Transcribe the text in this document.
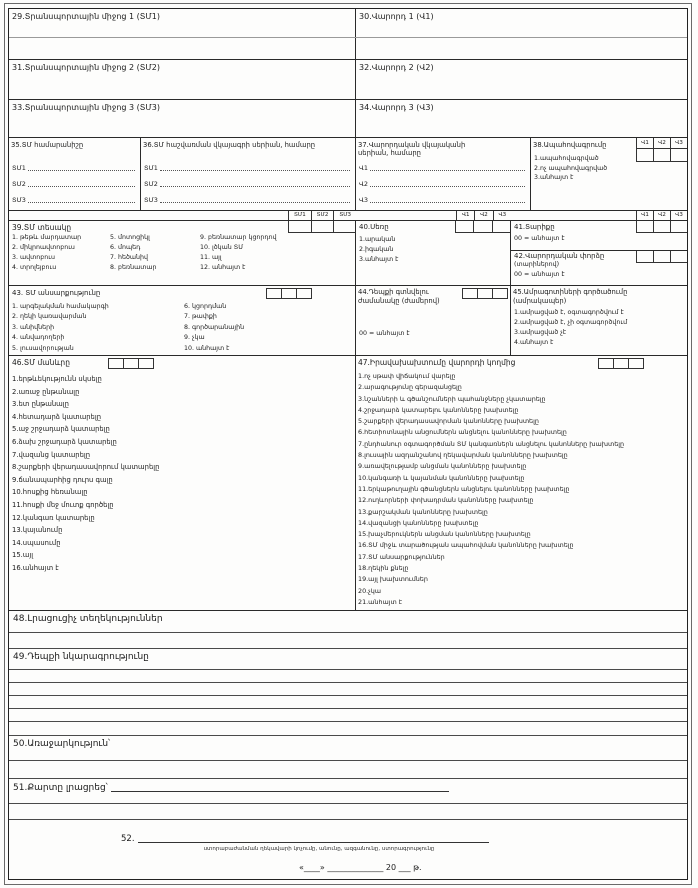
29.Տրանսպորտային միջոց 1 (ՏՄ1)	30.Վարորդ 1 (Վ1)
31.Տրանսպորտային միջոց 2 (ՏՄ2)	32.Վարորդ 2 (Վ2)
33.Տրանսպորտային միջոց 3 (ՏՄ3)	34.Վարորդ 3 (Վ3)
35.ՏՄ համարանիշը
ՏՄ1
ՏՄ2
ՏՄ3
36.ՏՄ հաշվառման վկայագրի սերիան, համարը
ՏՄ1
ՏՄ2
ՏՄ3
37.Վարորդական վկայականի սերիան, համարը
Վ1
Վ2
Վ3
38.Ապահովագրումը	Վ1	Վ2	Վ3
1.ապահովագրված
2.ոչ ապահովագրված
3.անհայտ է
ՏՄ1	ՏՄ2	ՏՄ3	Վ1	Վ2	Վ3	Վ1	Վ2	Վ3
39.ՏՄ տեսակը
1. թեթև մարդատար
2. միկրոավտոբուս
3. ավտոբուս
4. տրոլեյբուս
5. մոտոցիկլ
6. մոպեդ
7. հեծանիվ
8. բեռնատար
9. բեռնատար կցորդով
10. լծկան ՏՄ
11. այլ
12. անհայտ է
40.Սեռը
1.արական
2.իգական
3.անհայտ է
41.Տարիքը
00 = անհայտ է
42.Վարորդական փորձը
(տարիներով)
00 = անհայտ է
43. ՏՄ անսարքությունը
1. արգելակման համակարգի
2. ղեկի կառավարման
3. անիվների
4. անվադողերի
5. լուսավորության
6. կցորդման
7. թափքի
8. գործարանային
9. չկա
10. անհայտ է
44.Դեպքի գտնվելու ժամանակը (ժամերով)
00 = անհայտ է
45.Ամրագոտիների գործածումը (ամրակապեր)
1.ամրացված է, օգտագործվում է
2.ամրացված է, չի օգտագործվում
3.ամրացված չէ
4.անհայտ է
46.ՏՄ մանևրը
1.երթևեկությունն սկսելը
2.առաջ ընթանալը
3.ետ ընթանալը
4.հետադարձ կատարելը
5.աջ շրջադարձ կատարելը
6.ձախ շրջադարձ կատարելը
7.վազանց կատարելը
8.շարքերի վերադասավորում կատարելը
9.ճանապարհից դուրս գալը
10.հոսքից հեռանալը
11.հոսքի մեջ մուտք գործելը
12.կանգառ կատարելը
13.կայանումը
14.սպասումը
15.այլ
16.անհայտ է
47.Իրավախախտումը վարորդի կողմից
1.ոչ սթափ վիճակում վարելը
2.արագությունը գերազանցելը
3.նշանների և գծանշումների պահանջները չկատարելը
4.շրջադարձ կատարելու կանոնները խախտելը
5.շարքերի վերադասավորման կանոնները խախտելը
6.հետիոտնային անցումներն անցնելու կանոնները խախտելը
7.ընդհանուր օգտագործման ՏՄ կանգառներն անցնելու կանոնները խախտելը
8.լուսային ազդանշանով ղեկավարման կանոնները խախտելը
9.առավելությամբ անցման կանոնները խախտելը
10.կանգառի և կայանման կանոնները խախտելը
11.երկաթուղային գծանցներն անցնելու կանոնները խախտելը
12.ուղևորների փոխադրման կանոնները խախտելը
13.քարշակման կանոնները խախտելը
14.վազանցի կանոնները խախտելը
15.խաչմերուկներն անցման կանոնները խախտելը
16.ՏՄ միջև տարածության ապահովման կանոնները խախտելը
17.ՏՄ անսարքություններ
18.ղեկին քնելը
19.այլ խախտումներ
20.չկա
21.անհայտ է
48.Լրացուցիչ տեղեկություններ
49.Դեպքի նկարագրությունը
50.Առաջարկություն՝
51.Քարտը լրացրեց՝
52.
ստորաբաժանման ղեկավարի կոչումը, անունը, ազգանունը, ստորագրությունը
«____» ______________ 20 ___ թ.
